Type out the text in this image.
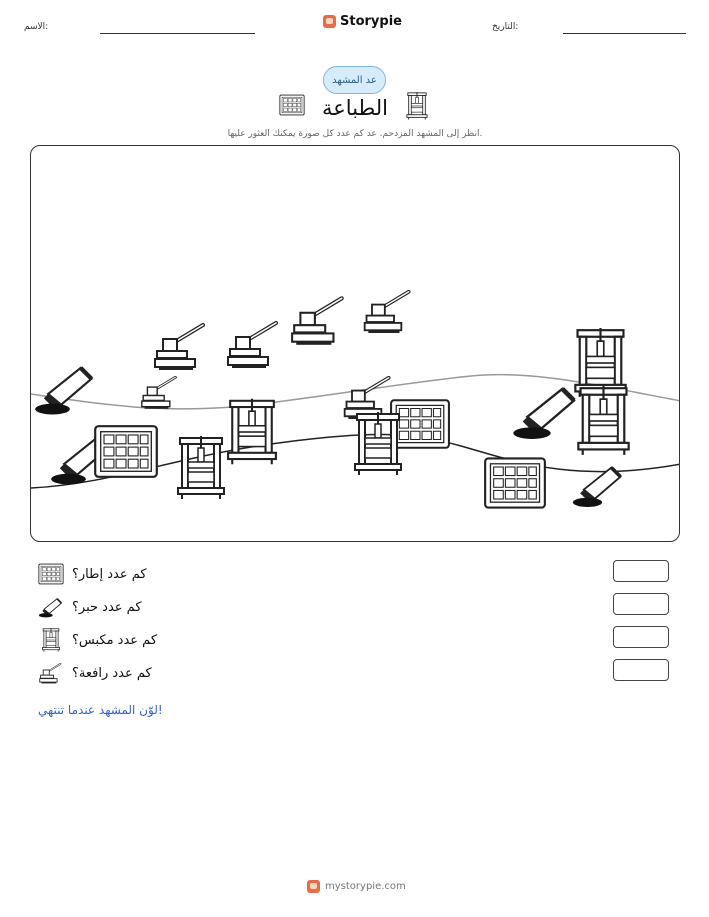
الاسم:	Storypie	التاريخ:
عد المشهد
الطباعة
انظر إلى المشهد المزدحم. عد كم عدد كل صورة يمكنك العثور عليها.
كم عدد إطار؟
كم عدد حبر؟
كم عدد مكبس؟
كم عدد رافعة؟
لوّن المشهد عندما تنتهي!
mystorypie.com
